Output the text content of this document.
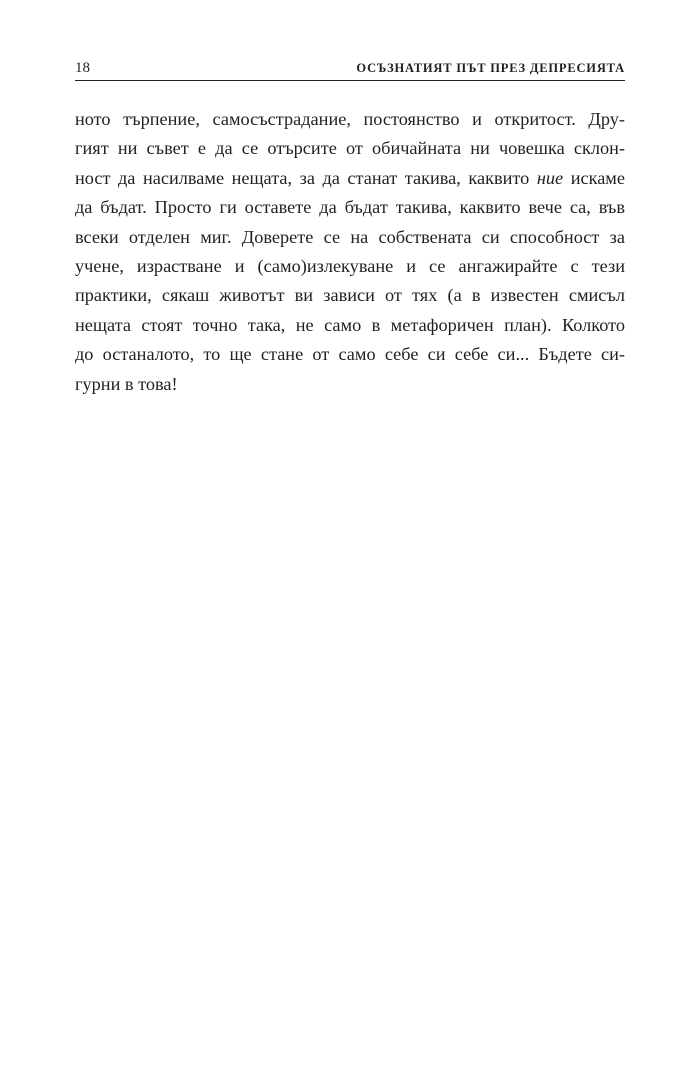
18	ОСЪЗНАТИЯТ ПЪТ ПРЕЗ ДЕПРЕСИЯТА
ното търпение, самосъстрадание, постоянство и откритост. Дру-
гият ни съвет е да се отърсите от обичайната ни човешка склон-
ност да насилваме нещата, за да станат такива, каквито ние искаме
да бъдат. Просто ги оставете да бъдат такива, каквито вече са, във
всеки отделен миг. Доверете се на собствената си способност за
учене, израстване и (само)излекуване и се ангажирайте с тези
практики, сякаш животът ви зависи от тях (а в известен смисъл
нещата стоят точно така, не само в метафоричен план). Колкото
до останалото, то ще стане от само себе си себе си... Бъдете си-
гурни в това!
